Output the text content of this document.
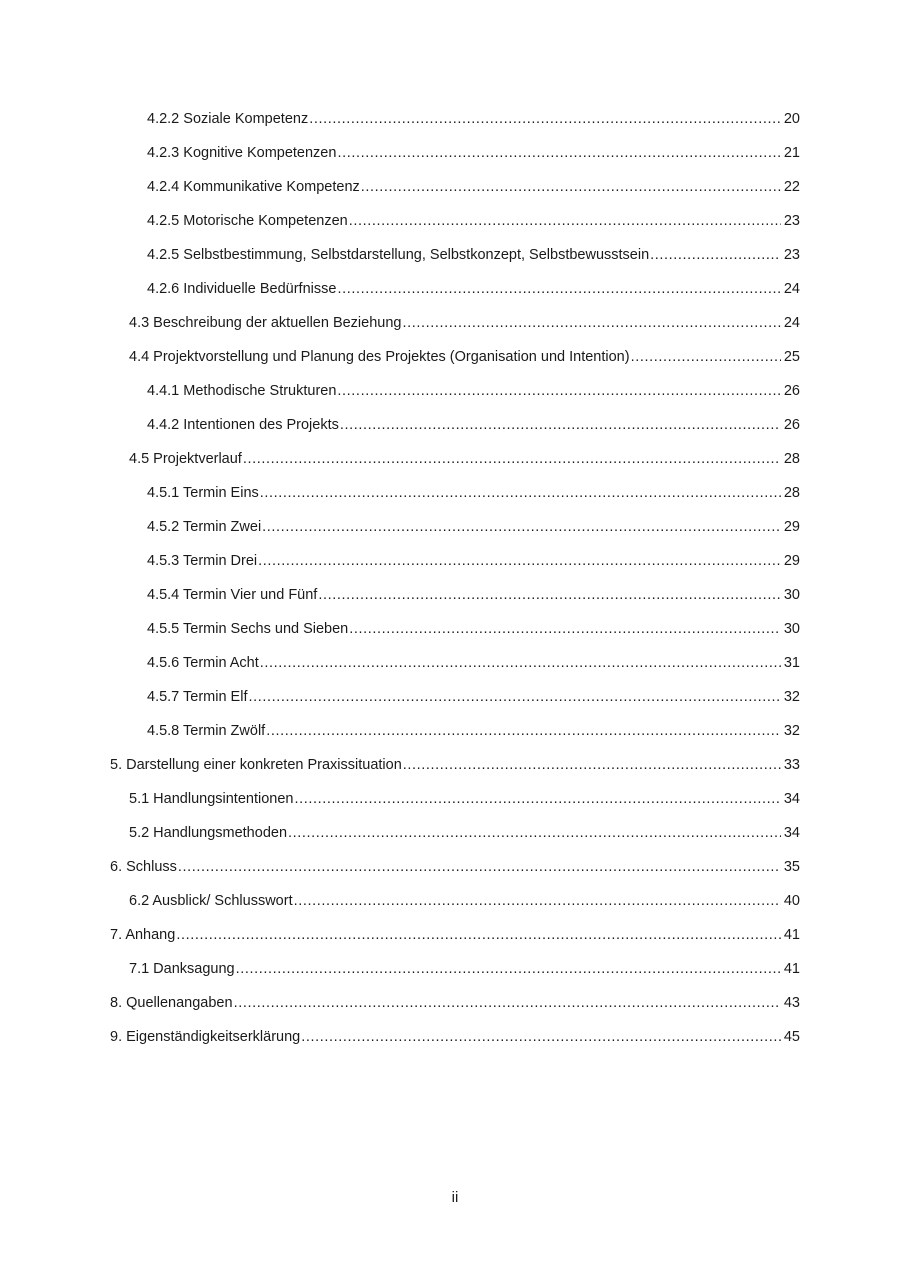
4.2.2 Soziale Kompetenz .....	20
4.2.3 Kognitive Kompetenzen .....	21
4.2.4 Kommunikative Kompetenz .....	22
4.2.5 Motorische Kompetenzen .....	23
4.2.5 Selbstbestimmung, Selbstdarstellung, Selbstkonzept, Selbstbewusstsein .....	23
4.2.6 Individuelle Bedürfnisse .....	24
4.3 Beschreibung der aktuellen Beziehung .....	24
4.4 Projektvorstellung und Planung des Projektes (Organisation und Intention) .....	25
4.4.1 Methodische Strukturen .....	26
4.4.2 Intentionen des Projekts .....	26
4.5 Projektverlauf .....	28
4.5.1 Termin Eins .....	28
4.5.2 Termin Zwei .....	29
4.5.3 Termin Drei .....	29
4.5.4 Termin Vier und Fünf .....	30
4.5.5 Termin Sechs und Sieben .....	30
4.5.6 Termin Acht .....	31
4.5.7 Termin Elf .....	32
4.5.8 Termin Zwölf .....	32
5. Darstellung einer konkreten Praxissituation .....	33
5.1 Handlungsintentionen .....	34
5.2 Handlungsmethoden .....	34
6. Schluss .....	35
6.2 Ausblick/ Schlusswort .....	40
7. Anhang .....	41
7.1 Danksagung .....	41
8. Quellenangaben .....	43
9. Eigenständigkeitserklärung .....	45
ii
